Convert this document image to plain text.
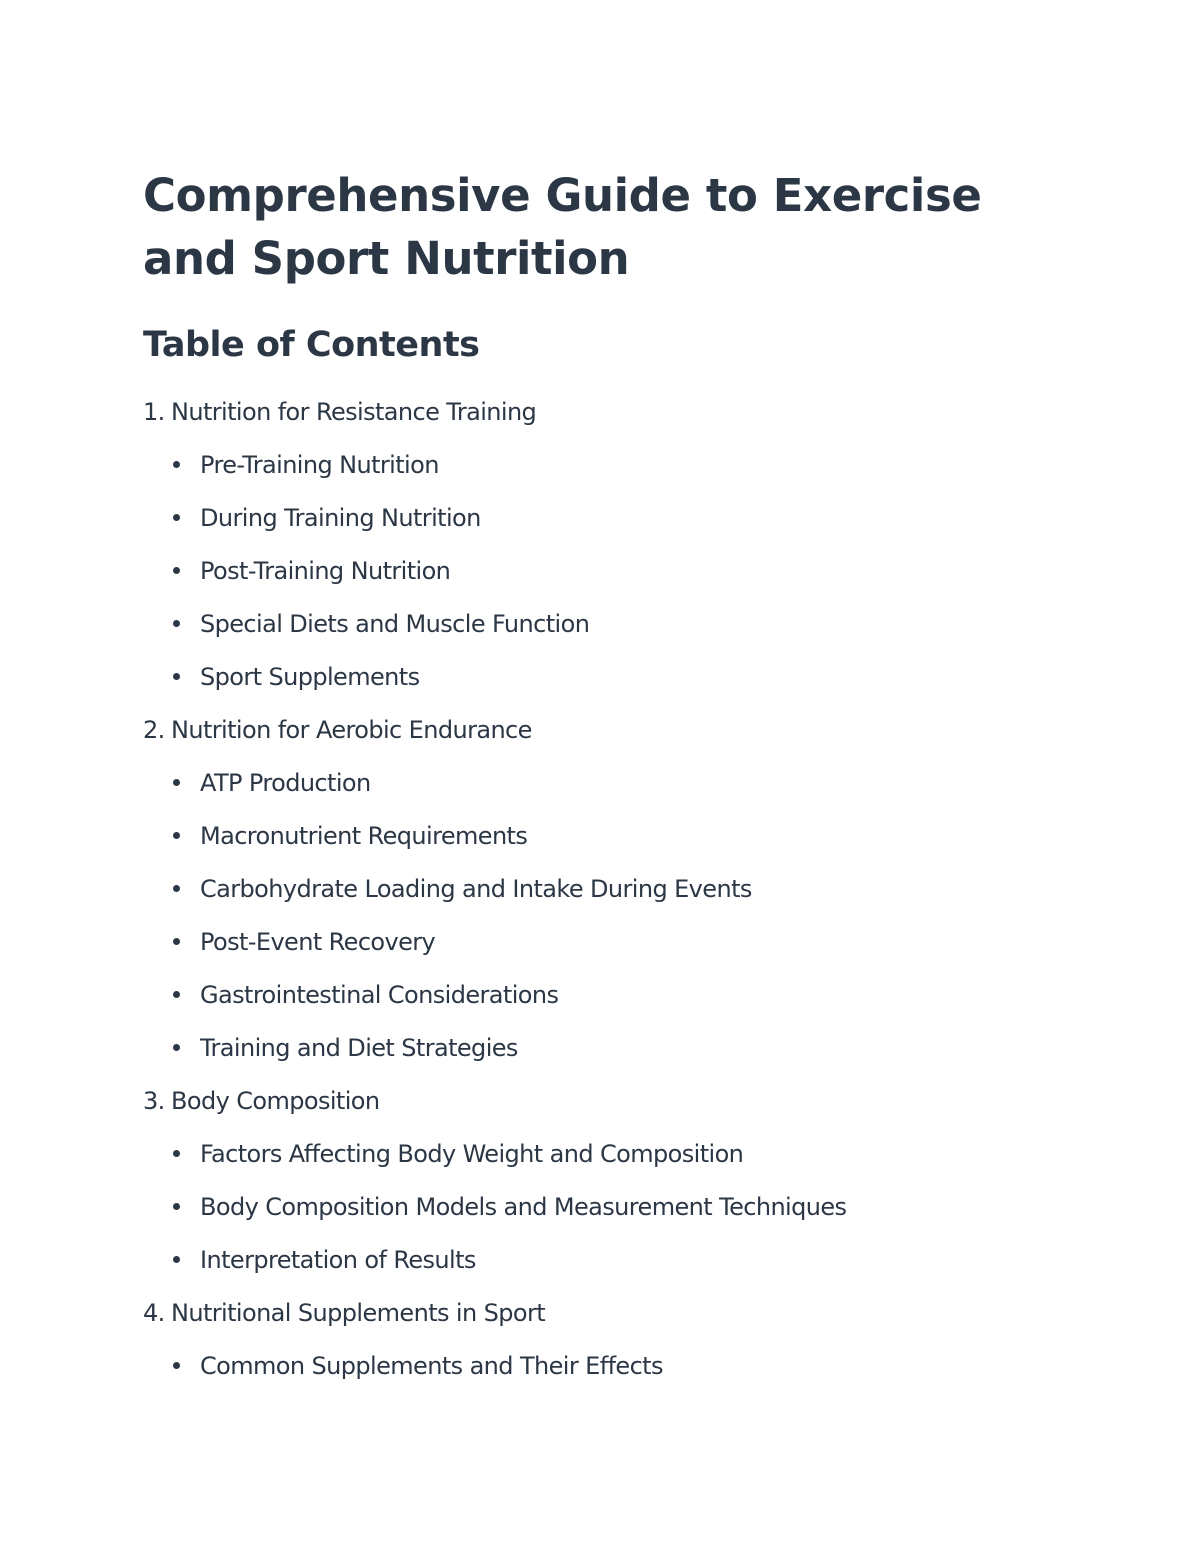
Comprehensive Guide to Exercise and Sport Nutrition
Table of Contents
1. Nutrition for Resistance Training
Pre-Training Nutrition
During Training Nutrition
Post-Training Nutrition
Special Diets and Muscle Function
Sport Supplements
2. Nutrition for Aerobic Endurance
ATP Production
Macronutrient Requirements
Carbohydrate Loading and Intake During Events
Post-Event Recovery
Gastrointestinal Considerations
Training and Diet Strategies
3. Body Composition
Factors Affecting Body Weight and Composition
Body Composition Models and Measurement Techniques
Interpretation of Results
4. Nutritional Supplements in Sport
Common Supplements and Their Effects
